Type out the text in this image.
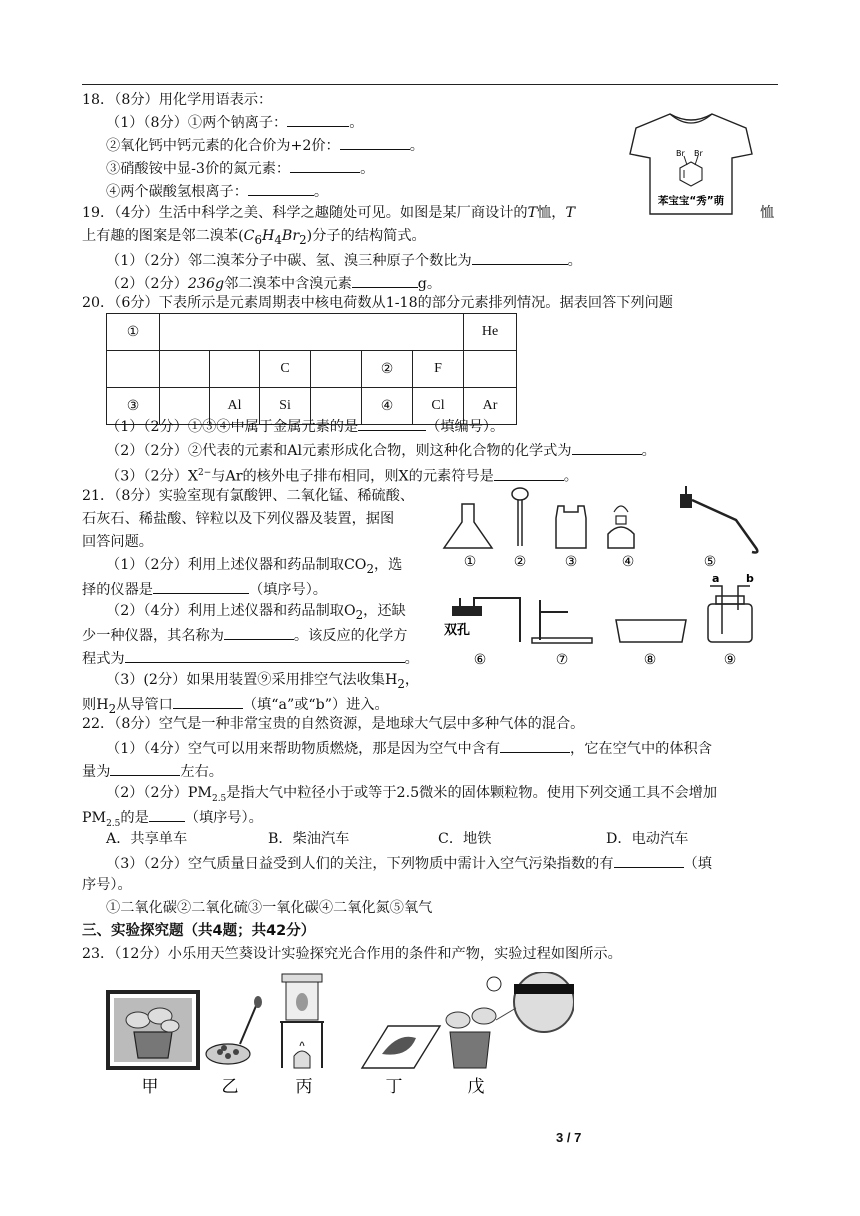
18．（8分）用化学用语表示：
（1）（8分）①两个钠离子：	。
②氧化钙中钙元素的化合价为+2价：	。
③硝酸铵中显-3价的氮元素：	。
④两个碳酸氢根离子：	。
Br Br
苯宝宝“秀”萌
19．（4分）生活中科学之美、科学之趣随处可见。如图是某厂商设计的T恤，T	恤
上有趣的图案是邻二溴苯$(C_6H_4Br_2)$分子的结构简式。
（1）（2分）邻二溴苯分子中碳、氢、溴三种原子个数比为	。
（2）（2分）236g邻二溴苯中含溴元素	g。
20．（6分）下表所示是元素周期表中核电荷数从1-18的部分元素排列情况。据表回答下列问题
①							He
			C		②	F	
③		Al	Si		④	Cl	Ar
（1）（2分）①③④中属于金属元素的是	（填编号）。
（2）（2分）②代表的元素和Al元素形成化合物，则这种化合物的化学式为	。
（3）（2分）$X^{2-}$与Ar的核外电子排布相同，则X的元素符号是	。
21．（8分）实验室现有氯酸钾、二氧化锰、稀硫酸、
石灰石、稀盐酸、锌粒以及下列仪器及装置，据图
回答问题。
（1）（2分）利用上述仪器和药品制取$CO_2$，选
择的仪器是	（填序号）。
（2）（4分）利用上述仪器和药品制取$O_2$，还缺
少一种仪器，其名称为	。该反应的化学方
程式为	。
（3）(2分）如果用装置⑨采用排空气法收集$H_2$，
则$H_2$从导管口	（填“a”或“b”）进入。
①	②	③	④	⑤
双孔
a b
⑥	⑦	⑧	⑨
22．（8分）空气是一种非常宝贵的自然资源，是地球大气层中多种气体的混合。
（1）（4分）空气可以用来帮助物质燃烧，那是因为空气中含有	，它在空气中的体积含
量为	左右。
（2）（2分）$PM_{2.5}$是指大气中粒径小于或等于2.5微米的固体颗粒物。使用下列交通工具不会增加
$PM_{2.5}$的是	（填序号）。
A．共享单车	B．柴油汽车	C．地铁	D．电动汽车
（3）（2分）空气质量日益受到人们的关注，下列物质中需计入空气污染指数的有	（填
序号）。
①二氧化碳②二氧化硫③一氧化碳④二氧化氮⑤氧气
三、实验探究题（共4题；共42分）
23．（12分）小乐用天竺葵设计实验探究光合作用的条件和产物，实验过程如图所示。
甲	乙	丙	丁	戊
3 / 7
